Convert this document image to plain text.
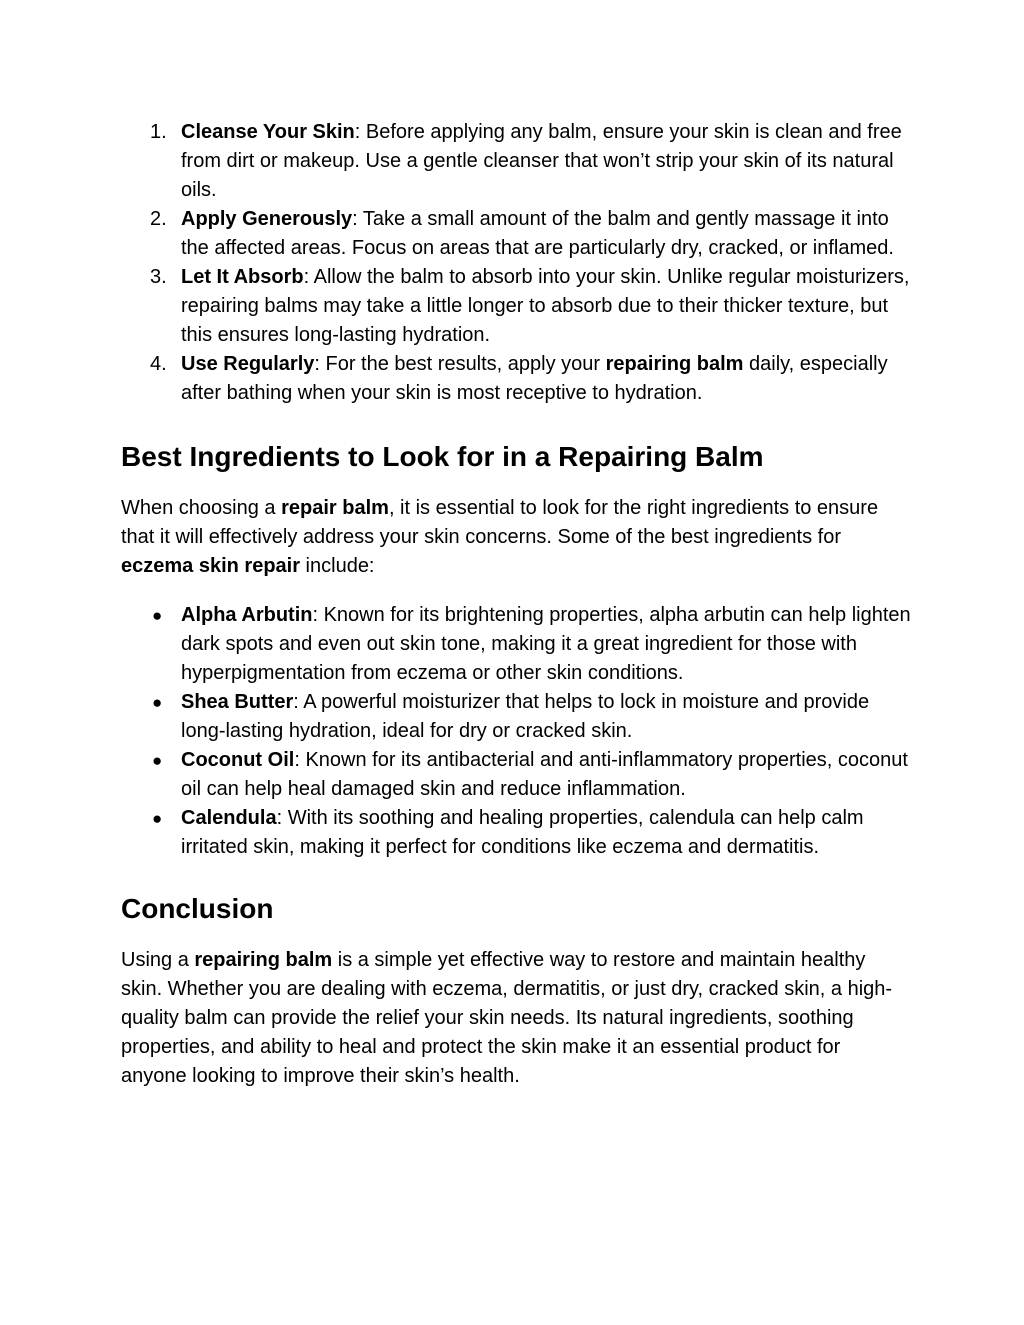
1. Cleanse Your Skin: Before applying any balm, ensure your skin is clean and free from dirt or makeup. Use a gentle cleanser that won’t strip your skin of its natural oils.
2. Apply Generously: Take a small amount of the balm and gently massage it into the affected areas. Focus on areas that are particularly dry, cracked, or inflamed.
3. Let It Absorb: Allow the balm to absorb into your skin. Unlike regular moisturizers, repairing balms may take a little longer to absorb due to their thicker texture, but this ensures long-lasting hydration.
4. Use Regularly: For the best results, apply your repairing balm daily, especially after bathing when your skin is most receptive to hydration.
Best Ingredients to Look for in a Repairing Balm

When choosing a repair balm, it is essential to look for the right ingredients to ensure that it will effectively address your skin concerns. Some of the best ingredients for eczema skin repair include:

● Alpha Arbutin: Known for its brightening properties, alpha arbutin can help lighten dark spots and even out skin tone, making it a great ingredient for those with hyperpigmentation from eczema or other skin conditions.
● Shea Butter: A powerful moisturizer that helps to lock in moisture and provide long-lasting hydration, ideal for dry or cracked skin.
● Coconut Oil: Known for its antibacterial and anti-inflammatory properties, coconut oil can help heal damaged skin and reduce inflammation.
● Calendula: With its soothing and healing properties, calendula can help calm irritated skin, making it perfect for conditions like eczema and dermatitis.
Conclusion

Using a repairing balm is a simple yet effective way to restore and maintain healthy skin. Whether you are dealing with eczema, dermatitis, or just dry, cracked skin, a high-quality balm can provide the relief your skin needs. Its natural ingredients, soothing properties, and ability to heal and protect the skin make it an essential product for anyone looking to improve their skin’s health.
